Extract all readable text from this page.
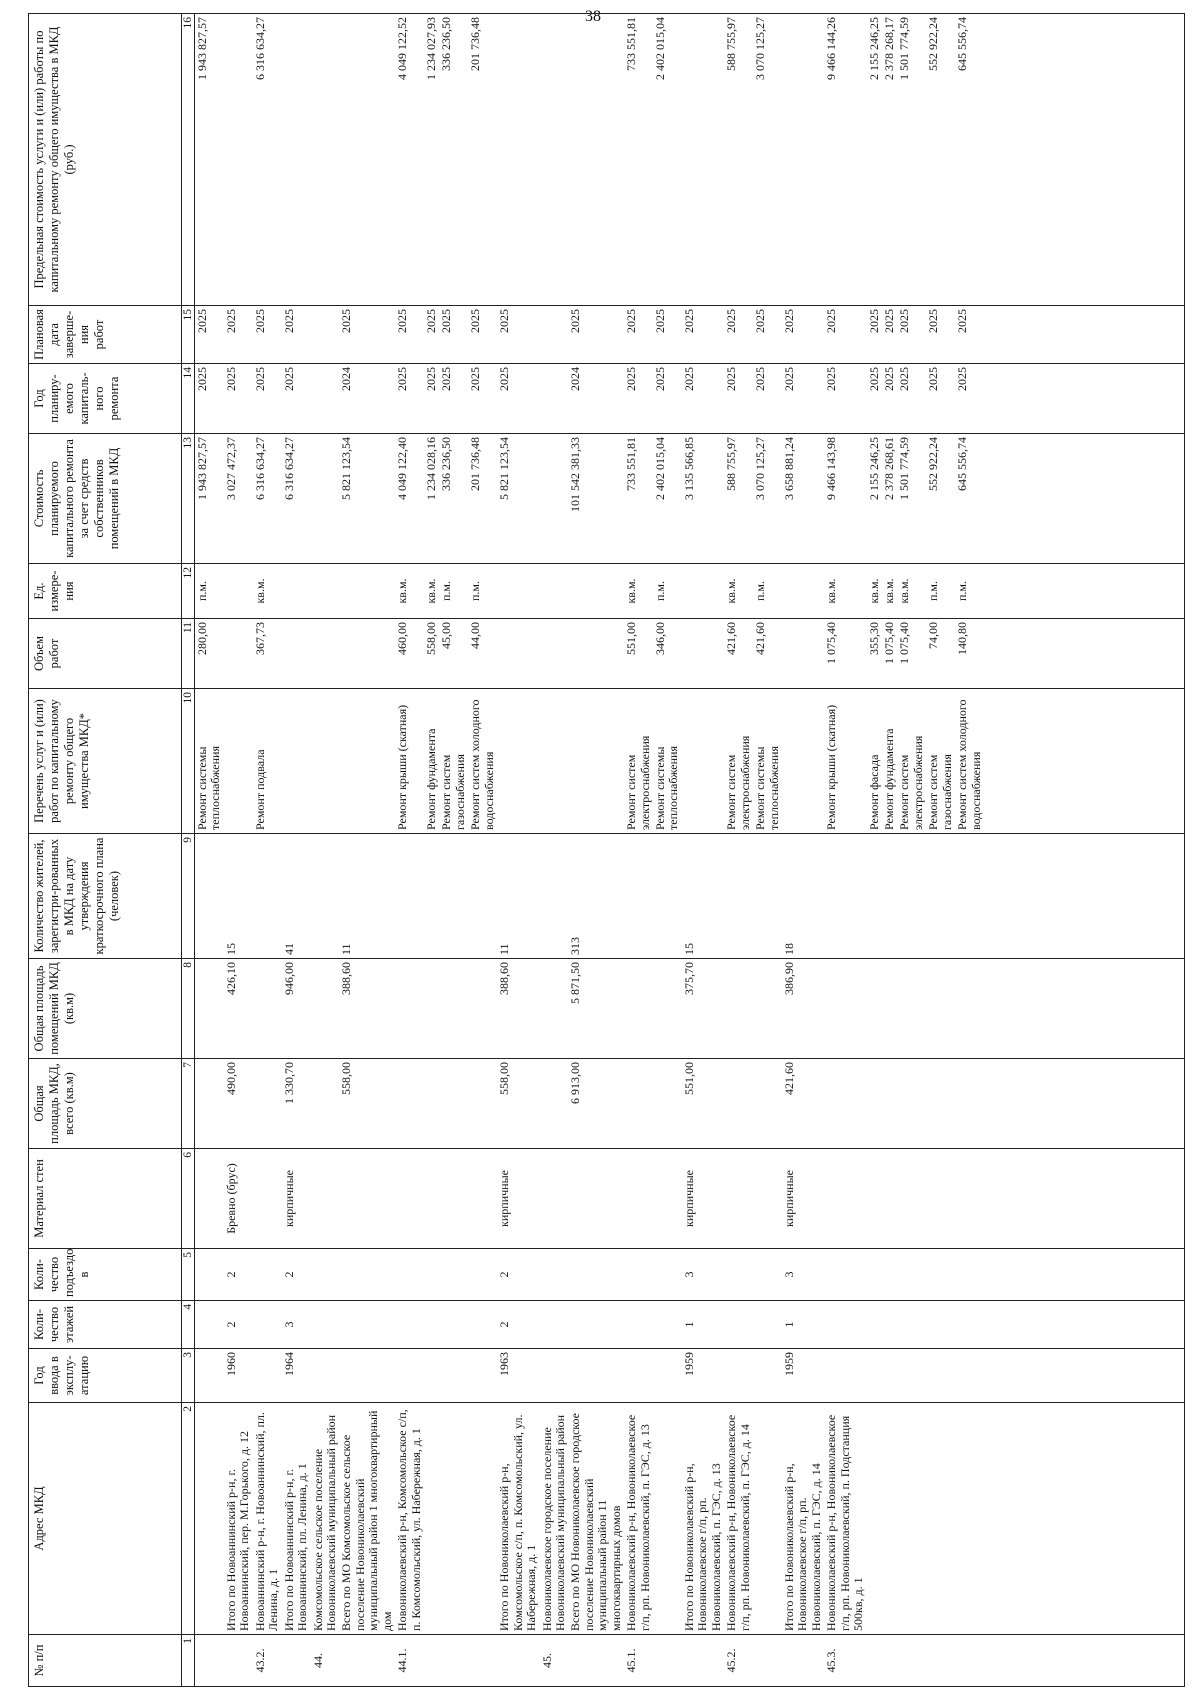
38
№ п/п	Адрес МКД	Год ввода в эксплу-атацию	Коли-чество этажей	Коли-чество подъездо в	Материал стен	Общая площадь МКД, всего (кв.м)	Общая площадь помещений МКД (кв.м)	Количество жителей, зарегистри-рованных в МКД на дату утверждения краткосрочного плана (человек)	Перечень услуг и (или) работ по капитальному ремонту общего имущества МКД*	Объем работ	Ед. измере-ния	Стоимость планируемого капитального ремонта за счет средств собственников помещений в МКД	Год планиру-емого капиталь-ного ремонта	Плановая дата заверше-ния работ	Предельная стоимость услуги и (или) работы по капитальному ремонту общего имущества в МКД (руб.)
1	2	3	4	5	6	7	8	9	10	11	12	13	14	15	16
									Ремонт системы теплоснабжения	280,00	п.м.	1 943 827,57	2025	2025	1 943 827,57
	Итого по Новоаннинский р-н, г. Новоаннинский, пер. М.Горького, д. 12	1960	2	2	Бревно (брус)	490,00	426,10	15				3 027 472,37	2025	2025	
43.2.	Новоаннинский р-н, г. Новоаннинский, пл. Ленина, д. 1								Ремонт подвала	367,73	кв.м.	6 316 634,27	2025	2025	6 316 634,27
	Итого по Новоаннинский р-н, г. Новоаннинский, пл. Ленина, д. 1	1964	3	2	кирпичные	1 330,70	946,00	41				6 316 634,27	2025	2025	
44.	Комсомольское сельское поселение Новониколаевский муниципальный район														
	Всего по МО Комсомольское сельское поселение Новониколаевский муниципальный район 1 многоквартирный дом					558,00	388,60	11				5 821 123,54	2024	2025	
44.1.	Новониколаевский р-н, Комсомольское с/п, п. Комсомольский, ул. Набережная, д. 1								Ремонт крыши (скатная)	460,00	кв.м.	4 049 122,40	2025	2025	4 049 122,52
									Ремонт фундамента	558,00	кв.м.	1 234 028,16	2025	2025	1 234 027,93
									Ремонт систем газоснабжения	45,00	п.м.	336 236,50	2025	2025	336 236,50
									Ремонт систем холодного водоснабжения	44,00	п.м.	201 736,48	2025	2025	201 736,48
	Итого по Новониколаевский р-н, Комсомольское с/п, п. Комсомольский, ул. Набережная, д. 1	1963	2	2	кирпичные	558,00	388,60	11				5 821 123,54	2025	2025	
45.	Новониколаевское городское поселение Новониколаевский муниципальный район														
	Всего по МО Новониколаевское городское поселение Новониколаевский муниципальный район 11 многоквартирных домов					6 913,00	5 871,50	313				101 542 381,33	2024	2025	
45.1.	Новониколаевский р-н, Новониколаевское г/п, рп. Новониколаевский, п. ГЭС, д. 13								Ремонт систем электроснабжения	551,00	кв.м.	733 551,81	2025	2025	733 551,81
									Ремонт системы теплоснабжения	346,00	п.м.	2 402 015,04	2025	2025	2 402 015,04
	Итого по Новониколаевский р-н, Новониколаевское г/п, рп. Новониколаевский, п. ГЭС, д. 13	1959	1	3	кирпичные	551,00	375,70	15				3 135 566,85	2025	2025	
45.2.	Новониколаевский р-н, Новониколаевское г/п, рп. Новониколаевский, п. ГЭС, д. 14								Ремонт систем электроснабжения	421,60	кв.м.	588 755,97	2025	2025	588 755,97
									Ремонт системы теплоснабжения	421,60	п.м.	3 070 125,27	2025	2025	3 070 125,27
	Итого по Новониколаевский р-н, Новониколаевское г/п, рп. Новониколаевский, п. ГЭС, д. 14	1959	1	3	кирпичные	421,60	386,90	18				3 658 881,24	2025	2025	
45.3.	Новониколаевский р-н, Новониколаевское г/п, рп. Новониколаевский, п. Подстанция 500кв, д. 1								Ремонт крыши (скатная)	1 075,40	кв.м.	9 466 143,98	2025	2025	9 466 144,26
									Ремонт фасада	355,30	кв.м.	2 155 246,25	2025	2025	2 155 246,25
									Ремонт фундамента	1 075,40	кв.м.	2 378 268,61	2025	2025	2 378 268,17
									Ремонт систем электроснабжения	1 075,40	кв.м.	1 501 774,59	2025	2025	1 501 774,59
									Ремонт систем газоснабжения	74,00	п.м.	552 922,24	2025	2025	552 922,24
									Ремонт систем холодного водоснабжения	140,80	п.м.	645 556,74	2025	2025	645 556,74
